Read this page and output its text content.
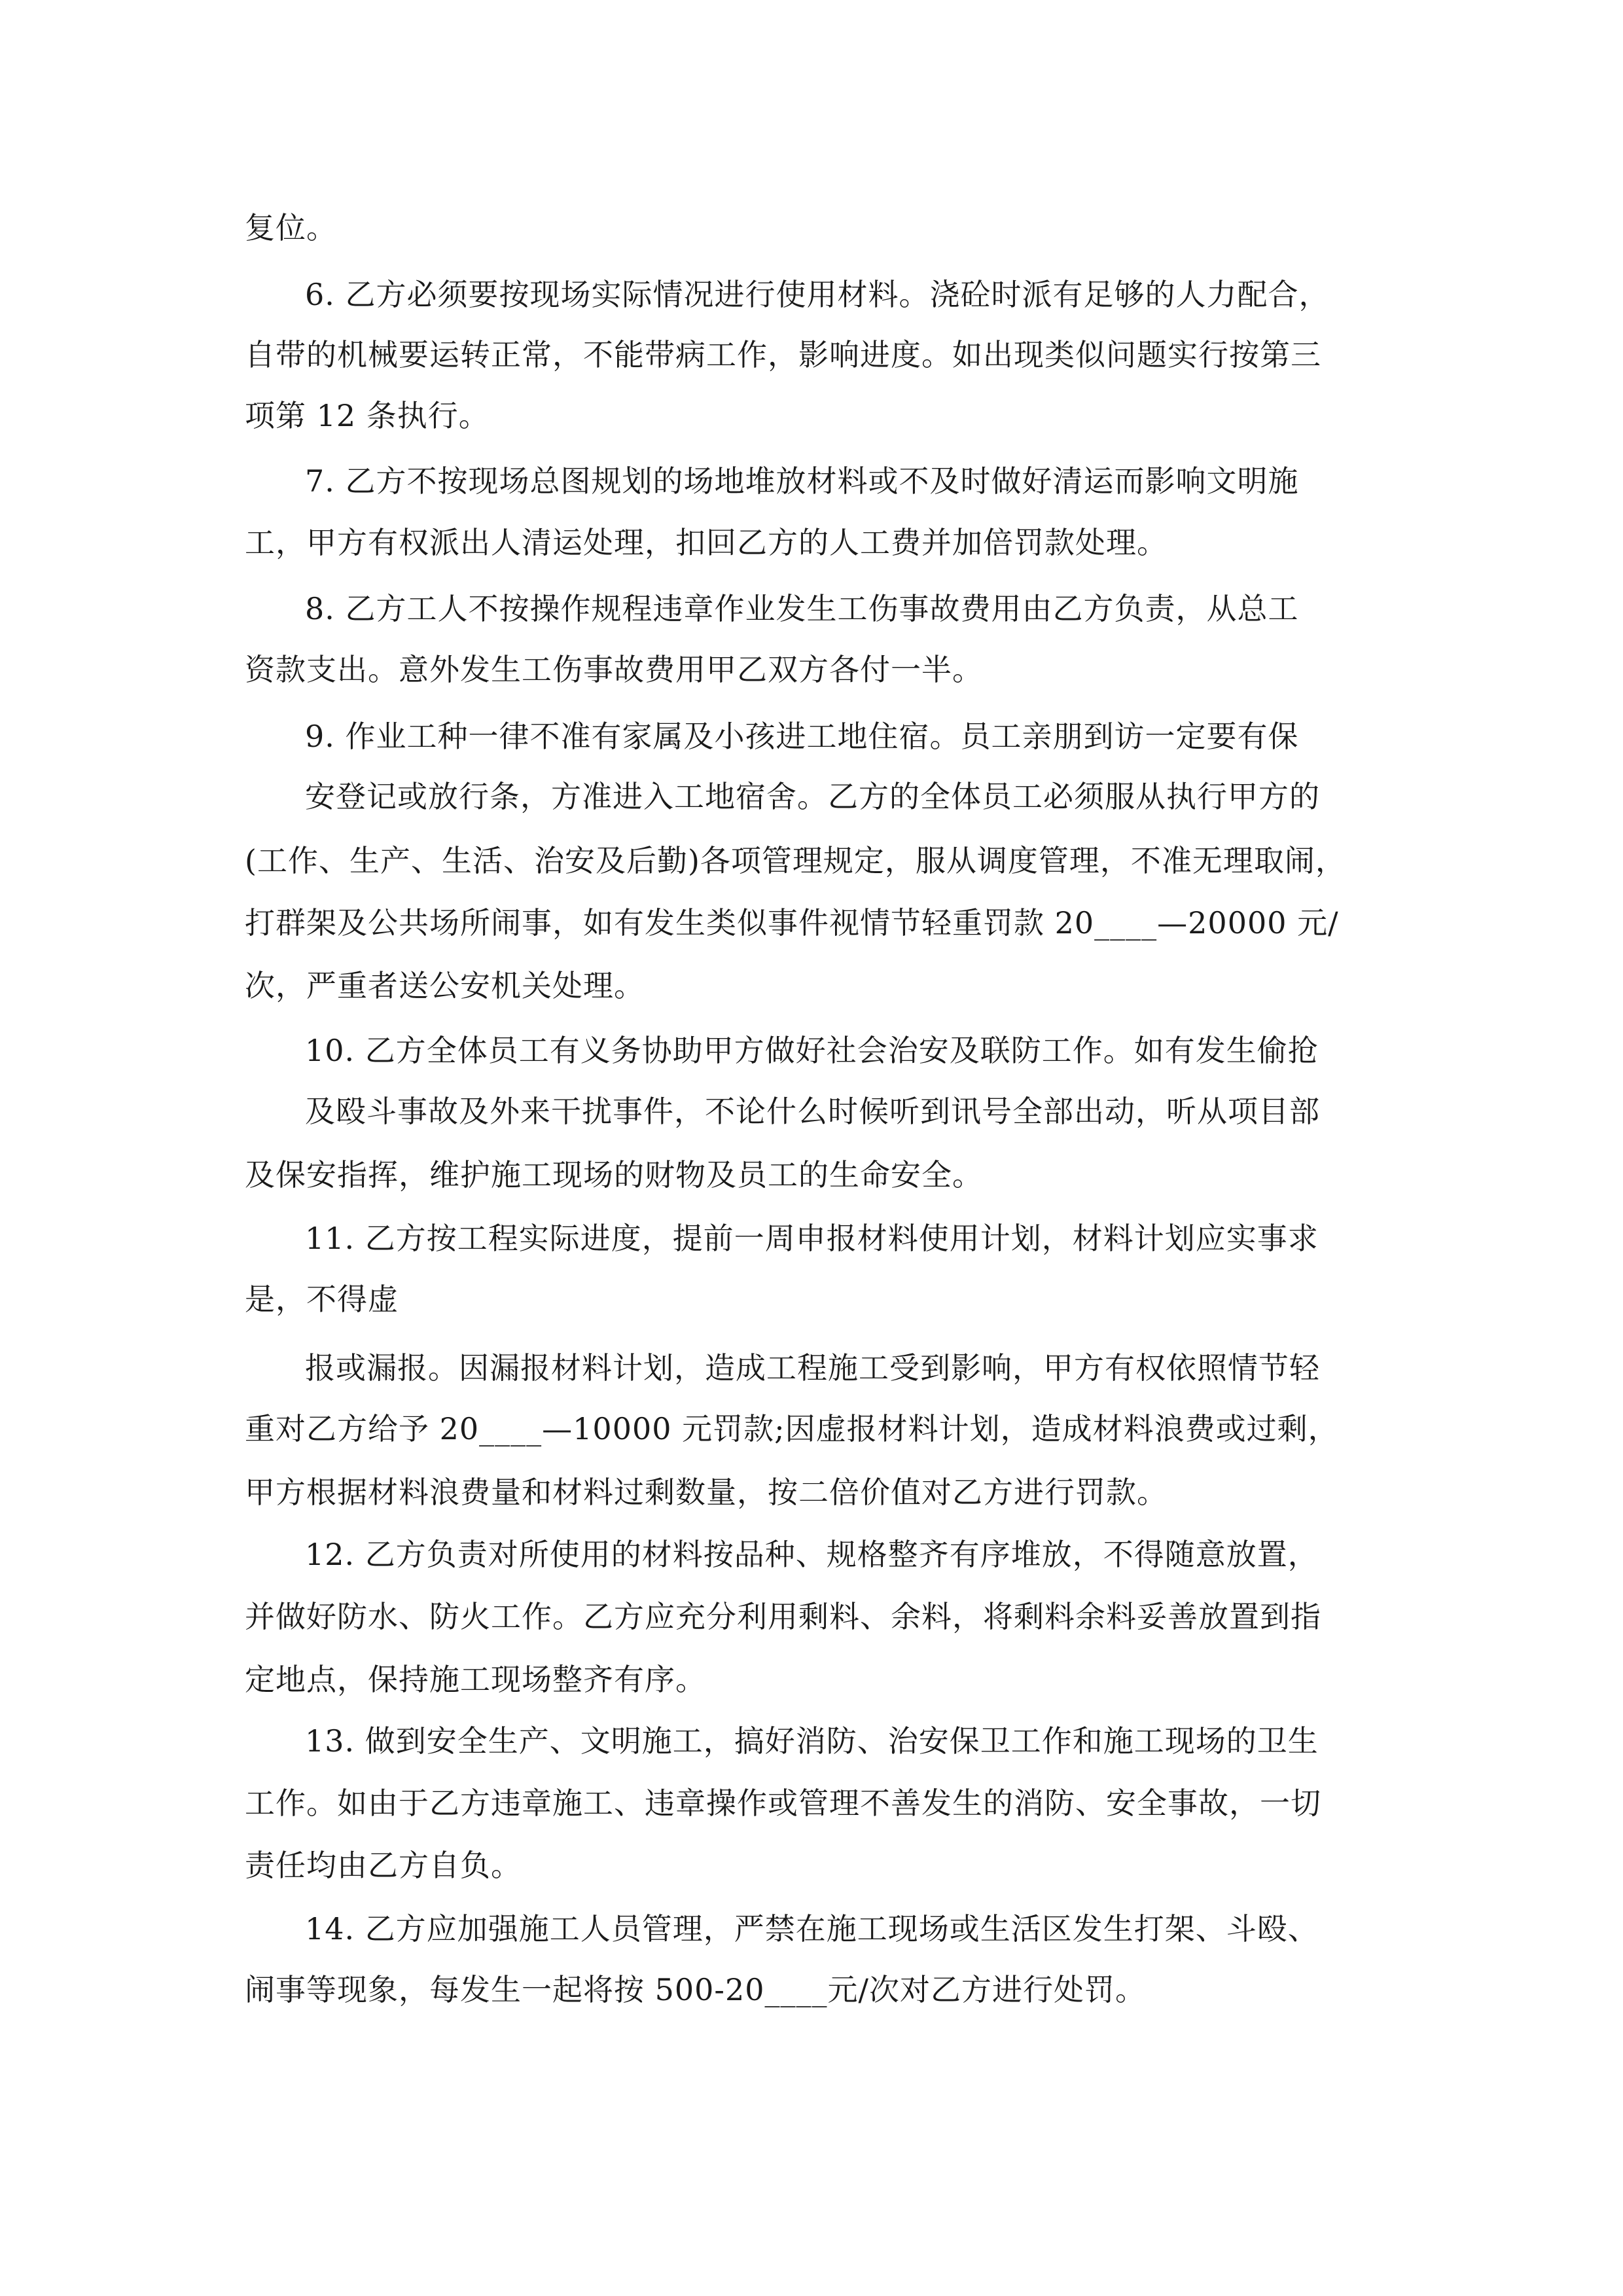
复位。
6. 乙方必须要按现场实际情况进行使用材料。浇砼时派有足够的人力配合，
自带的机械要运转正常，不能带病工作，影响进度。如出现类似问题实行按第三
项第 12 条执行。
7. 乙方不按现场总图规划的场地堆放材料或不及时做好清运而影响文明施
工，甲方有权派出人清运处理，扣回乙方的人工费并加倍罚款处理。
8. 乙方工人不按操作规程违章作业发生工伤事故费用由乙方负责，从总工
资款支出。意外发生工伤事故费用甲乙双方各付一半。
9. 作业工种一律不准有家属及小孩进工地住宿。员工亲朋到访一定要有保
安登记或放行条，方准进入工地宿舍。乙方的全体员工必须服从执行甲方的
(工作、生产、生活、治安及后勤)各项管理规定，服从调度管理，不准无理取闹，
打群架及公共场所闹事，如有发生类似事件视情节轻重罚款 20____—20000 元/
次，严重者送公安机关处理。
10. 乙方全体员工有义务协助甲方做好社会治安及联防工作。如有发生偷抢
及殴斗事故及外来干扰事件，不论什么时候听到讯号全部出动，听从项目部
及保安指挥，维护施工现场的财物及员工的生命安全。
11. 乙方按工程实际进度，提前一周申报材料使用计划，材料计划应实事求
是，不得虚
报或漏报。因漏报材料计划，造成工程施工受到影响，甲方有权依照情节轻
重对乙方给予 20____—10000 元罚款;因虚报材料计划，造成材料浪费或过剩，
甲方根据材料浪费量和材料过剩数量，按二倍价值对乙方进行罚款。
12. 乙方负责对所使用的材料按品种、规格整齐有序堆放，不得随意放置，
并做好防水、防火工作。乙方应充分利用剩料、余料，将剩料余料妥善放置到指
定地点，保持施工现场整齐有序。
13. 做到安全生产、文明施工，搞好消防、治安保卫工作和施工现场的卫生
工作。如由于乙方违章施工、违章操作或管理不善发生的消防、安全事故，一切
责任均由乙方自负。
14. 乙方应加强施工人员管理，严禁在施工现场或生活区发生打架、斗殴、
闹事等现象，每发生一起将按 500-20____元/次对乙方进行处罚。
